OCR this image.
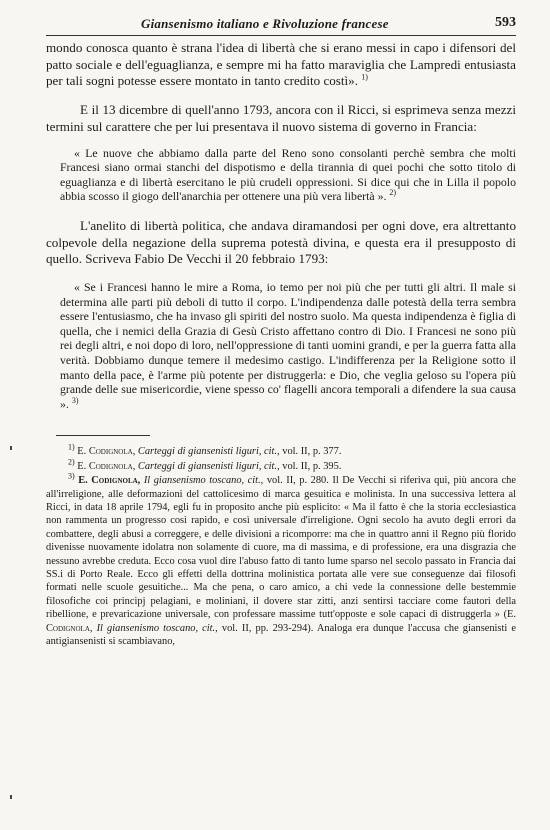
Giansenismo italiano e Rivoluzione francese	593

mondo conosca quanto è strana l'idea di libertà che si erano messi in capo i difensori del patto sociale e dell'eguaglianza, e sempre mi ha fatto maraviglia che Lampredi entusiasta per tali sogni potesse essere montato in tanto credito costì». $^{1)}$

E il 13 dicembre di quell'anno 1793, ancora con il Ricci, si esprimeva senza mezzi termini sul carattere che per lui presentava il nuovo sistema di governo in Francia:

« Le nuove che abbiamo dalla parte del Reno sono consolanti perchè sembra che molti Francesi siano ormai stanchi del dispotismo e della tirannia di quei pochi che sotto titolo di eguaglianza e di libertà esercitano le più crudeli oppressioni. Si dice qui che in Lilla il popolo abbia scosso il giogo dell'anarchia per ottenere una più vera libertà ». $^{2)}$

L'anelito di libertà politica, che andava diramandosi per ogni dove, era altrettanto colpevole della negazione della suprema potestà divina, e questa era il presupposto di quello. Scriveva Fabio De Vecchi il 20 febbraio 1793:

« Se i Francesi hanno le mire a Roma, io temo per noi più che per tutti gli altri. Il male si determina alle parti più deboli di tutto il corpo. L'indipendenza dalle potestà della terra sembra essere l'entusiasmo, che ha invaso gli spiriti del nostro suolo. Ma questa indipendenza è figlia di quella, che i nemici della Grazia di Gesù Cristo affettano contro di Dio. I Francesi ne sono più rei degli altri, e noi dopo di loro, nell'oppressione di tanti uomini grandi, e per la guerra fatta alla verità. Dobbiamo dunque temere il medesimo castigo. L'indifferenza per la Religione sotto il manto della pace, è l'arme più potente per distruggerla: e Dio, che veglia geloso su l'opera più grande delle sue misericordie, viene spesso co' flagelli ancora temporali a difendere la sua causa ». $^{3)}$

$^{1)}$ E. Codignola, Carteggi di giansenisti liguri, cit., vol. II, p. 377.

$^{2)}$ E. Codignola, Carteggi di giansenisti liguri, cit., vol. II, p. 395.

$^{3)}$ E. Codignola, Il giansenismo toscano, cit., vol. II, p. 280. Il De Vecchi si riferiva qui, più ancora che all'irreligione, alle deformazioni del cattolicesimo di marca gesuitica e molinista. In una successiva lettera al Ricci, in data 18 aprile 1794, egli fu in proposito anche più esplicito: « Ma il fatto è che la storia ecclesiastica non rammenta un progresso così rapido, e così universale d'irreligione. Ogni secolo ha avuto degli errori da combattere, degli abusi a correggere, e delle divisioni a ricomporre: ma che in quattro anni il Regno più florido divenisse nuovamente idolatra non solamente di cuore, ma di massima, e di professione, era una disgrazia che nessuno avrebbe creduta. Ecco cosa vuol dire l'abuso fatto di tanto lume sparso nel secolo passato in Francia dai SS.i di Porto Reale. Ecco gli effetti della dottrina molinistica portata alle vere sue conseguenze dai filosofi formati nelle scuole gesuitiche... Ma che pena, o caro amico, a chi vede la connessione delle bestemmie filosofiche coi principj pelagiani, e moliniani, il dovere star zitti, anzi sentirsi tacciare come fautori della ribellione, e prevaricazione universale, con professare massime tutt'opposte e sole capaci di distruggerla » (E. Codignola, Il giansenismo toscano, cit., vol. II, pp. 293-294). Analoga era dunque l'accusa che giansenisti e antigiansenisti si scambiavano,
